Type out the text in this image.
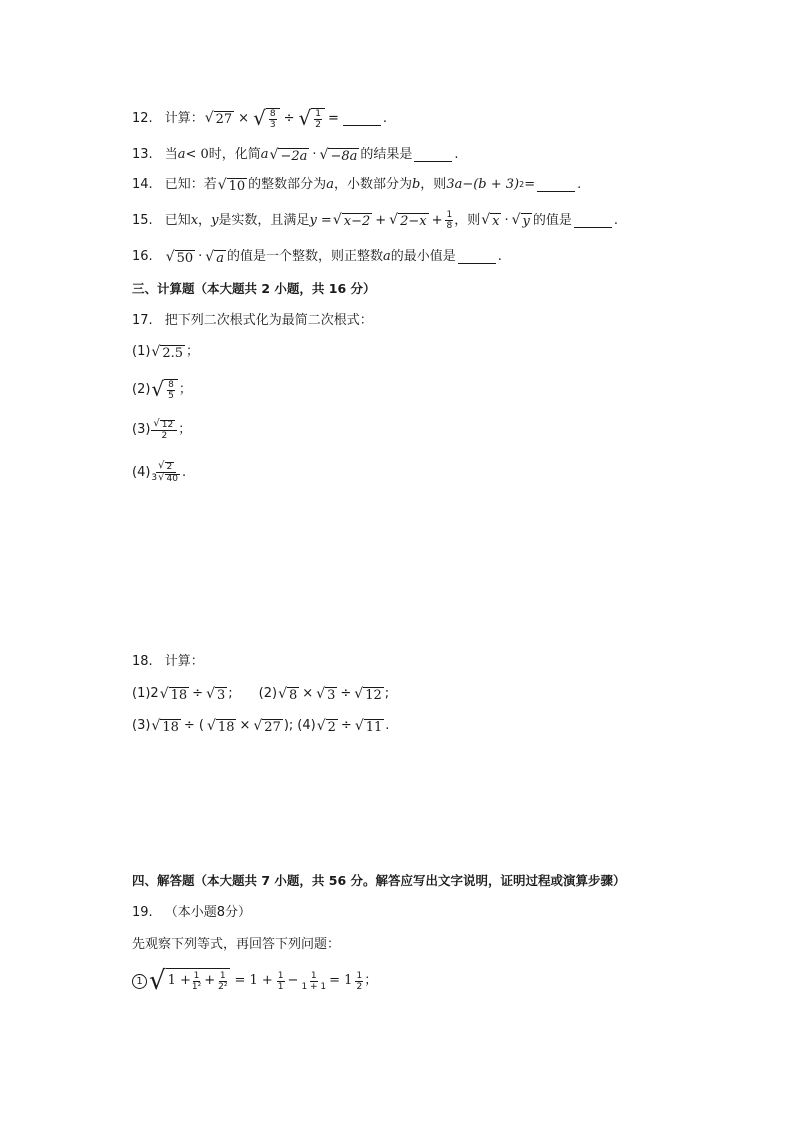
12. 计算： √ 27 × √ $\frac{8}{3}$ ÷ √ $\frac{1}{2}$ =	.
13. 当 a < 0时，化简 a √ −2a · √ −8a 的结果是	.
14. 已知：若 √ 10 的整数部分为 a ，小数部分为 b ，则 3a−(b + 3) 2 =	.
15. 已知 x ， y 是实数，且满足 y = √ x−2 + √ $2-x + \frac{1}{8}$ ，则 √ x · √ y 的值是	.
16. √ 50 · √ a 的值是一个整数，则正整数 a 的最小值是	.
三、计算题（本大题共 2 小题，共 16 分）
17. 把下列二次根式化为最简二次根式：
(1) √ 2.5 ；
(2) √ $\frac{8}{5}$ ；
$(3) \frac{√ 12}{2}$ ；
$(4) \frac{√ 2}{3 √ 40}$ .
18. 计算：
(1)2 √ 18 ÷ √ 3 ; (2) √ 8 × √ 3 ÷ √ 12 ;
(3) √ 18 ÷ ( √ 18 × √ 27 ); (4) √ 2 ÷ √ 11 .
四、解答题（本大题共 7 小题，共 56 分。解答应写出文字说明，证明过程或演算步骤）
19. （本小题8分）
先观察下列等式，再回答下列问题：
1 √ $1 + \frac{1}{\text{1²}} + \frac{1}{\text{2²}} = 1 + \frac{1}{1} - \frac{1}{1 + 1} = 1 \frac{1}{2}$ ；
